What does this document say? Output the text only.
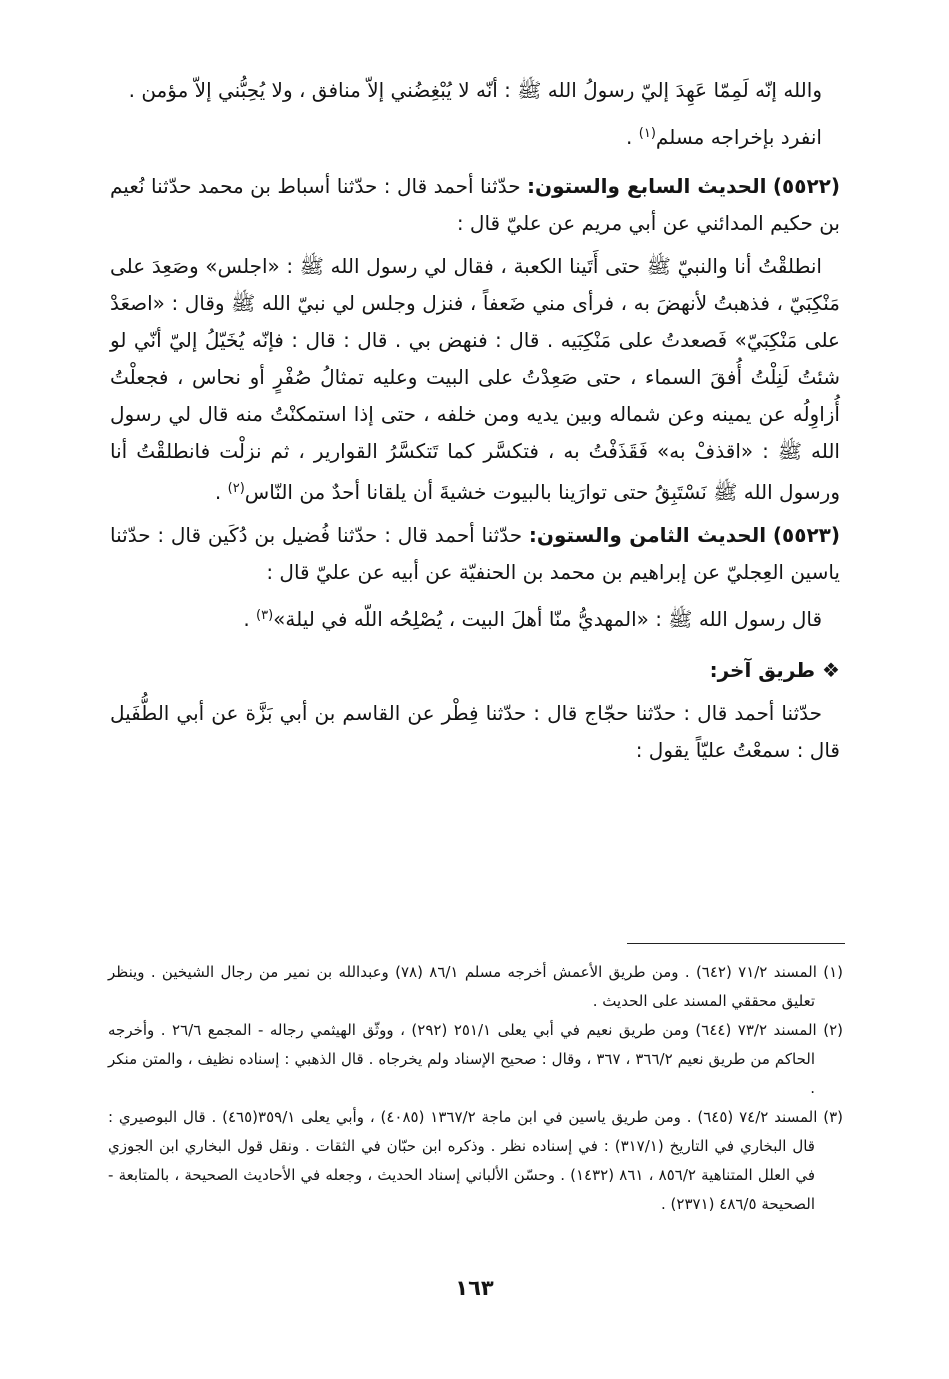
والله إنّه لَمِمّا عَهِدَ إليّ رسولُ الله ﷺ : أنّه لا يُبْغِضُني إلاّ منافق ، ولا يُحِبُّني إلاّ مؤمن .

انفرد بإخراجه مسلم$^{(١)}$ .

(٥٥٢٢) الحديث السابع والستون: حدّثنا أحمد قال : حدّثنا أسباط بن محمد حدّثنا نُعيم بن حكيم المدائني عن أبي مريم عن عليّ قال :

انطلقْتُ أنا والنبيّ ﷺ حتى أَتَينا الكعبة ، فقال لي رسول الله ﷺ : «اجلس» وصَعِدَ على مَنْكِبَيّ ، فذهبتُ لأنهضَ به ، فرأى مني ضَعفاً ، فنزل وجلس لي نبيّ الله ﷺ وقال : «اصعَدْ على مَنْكِبَيّ» فَصعدتُ على مَنْكِبَيه . قال : فنهض بي . قال : قال : فإنّه يُخَيّلُ إليّ أنّي لو شئتُ لَنِلْتُ أُفقَ السماء ، حتى صَعِدْتُ على البيت وعليه تمثالُ صُفْرٍ أو نحاس ، فجعلْتُ أُزاوِلُه عن يمينه وعن شماله وبين يديه ومن خلفه ، حتى إذا استمكنْتُ منه قال لي رسول الله ﷺ : «اقذفْ به» فَقَذَفْتُ به ، فتكسَّر كما تَتكسَّرُ القوارير ، ثم نزلْت فانطلقْتُ أنا ورسول الله ﷺ نَسْتَبِقُ حتى توارَينا بالبيوت خشيةَ أن يلقانا أحدٌ من النّاس$^{(٢)}$ .

(٥٥٢٣) الحديث الثامن والستون: حدّثنا أحمد قال : حدّثنا فُضيل بن دُكَين قال : حدّثنا ياسين العِجليّ عن إبراهيم بن محمد بن الحنفيّة عن أبيه عن عليّ قال :

قال رسول الله ﷺ : «المهديُّ منّا أهلَ البيت ، يُصْلِحُه اللّه في ليلة»$^{(٣)}$ .

❖ طريق آخر:

حدّثنا أحمد قال : حدّثنا حجّاج قال : حدّثنا فِطْر عن القاسم بن أبي بَزَّة عن أبي الطُّفَيل قال : سمعْتُ عليّاً يقول :

(١) المسند ٧١/٢ (٦٤٢) . ومن طريق الأعمش أخرجه مسلم ٨٦/١ (٧٨) وعبدالله بن نمير من رجال الشيخين . وينظر تعليق محققي المسند على الحديث .

(٢) المسند ٧٣/٢ (٦٤٤) ومن طريق نعيم في أبي يعلى ٢٥١/١ (٢٩٢) ، ووثّق الهيثمي رجاله - المجمع ٢٦/٦ . وأخرجه الحاكم من طريق نعيم ٣٦٦/٢ ، ٣٦٧ ، وقال : صحيح الإسناد ولم يخرجاه . قال الذهبي : إسناده نظيف ، والمتن منكر .

(٣) المسند ٧٤/٢ (٦٤٥) . ومن طريق ياسين في ابن ماجة ١٣٦٧/٢ (٤٠٨٥) ، وأبي يعلى ٣٥٩/١(٤٦٥) . قال البوصيري : قال البخاري في التاريخ (٣١٧/١) : في إسناده نظر . وذكره ابن حبّان في الثقات . ونقل قول البخاري ابن الجوزي في العلل المتناهية ٨٥٦/٢ ، ٨٦١ (١٤٣٢) . وحسّن الألباني إسناد الحديث ، وجعله في الأحاديث الصحيحة ، بالمتابعة - الصحيحة ٤٨٦/٥ (٢٣٧١) .

١٦٣
